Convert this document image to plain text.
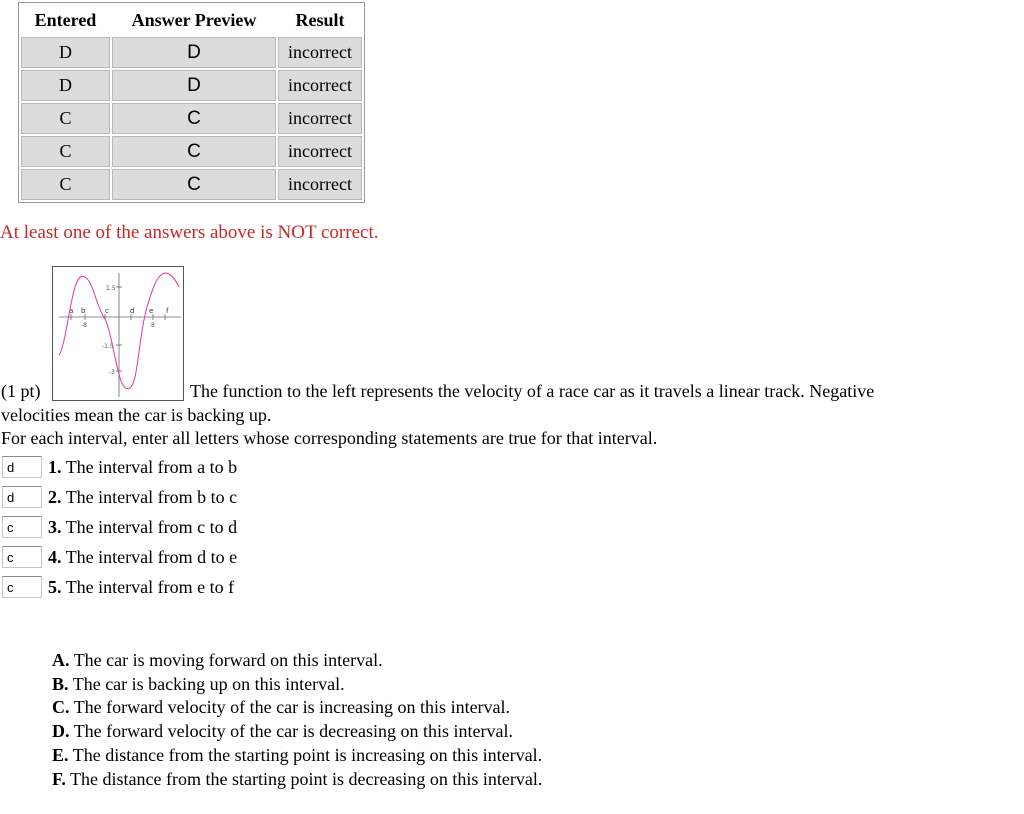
Entered	Answer Preview	Result
D	D	incorrect
D	D	incorrect
C	C	incorrect
C	C	incorrect
C	C	incorrect
At least one of the answers above is NOT correct.
1.5
-1.5
-3
-8	8
a b	c	d e f
(1 pt)	The function to the left represents the velocity of a race car as it travels a linear track. Negative
velocities mean the car is backing up.
For each interval, enter all letters whose corresponding statements are true for that interval.
d
1. The interval from a to b
d
2. The interval from b to c
c
3. The interval from c to d
c
4. The interval from d to e
c
5. The interval from e to f
A. The car is moving forward on this interval.
B. The car is backing up on this interval.
C. The forward velocity of the car is increasing on this interval.
D. The forward velocity of the car is decreasing on this interval.
E. The distance from the starting point is increasing on this interval.
F. The distance from the starting point is decreasing on this interval.
